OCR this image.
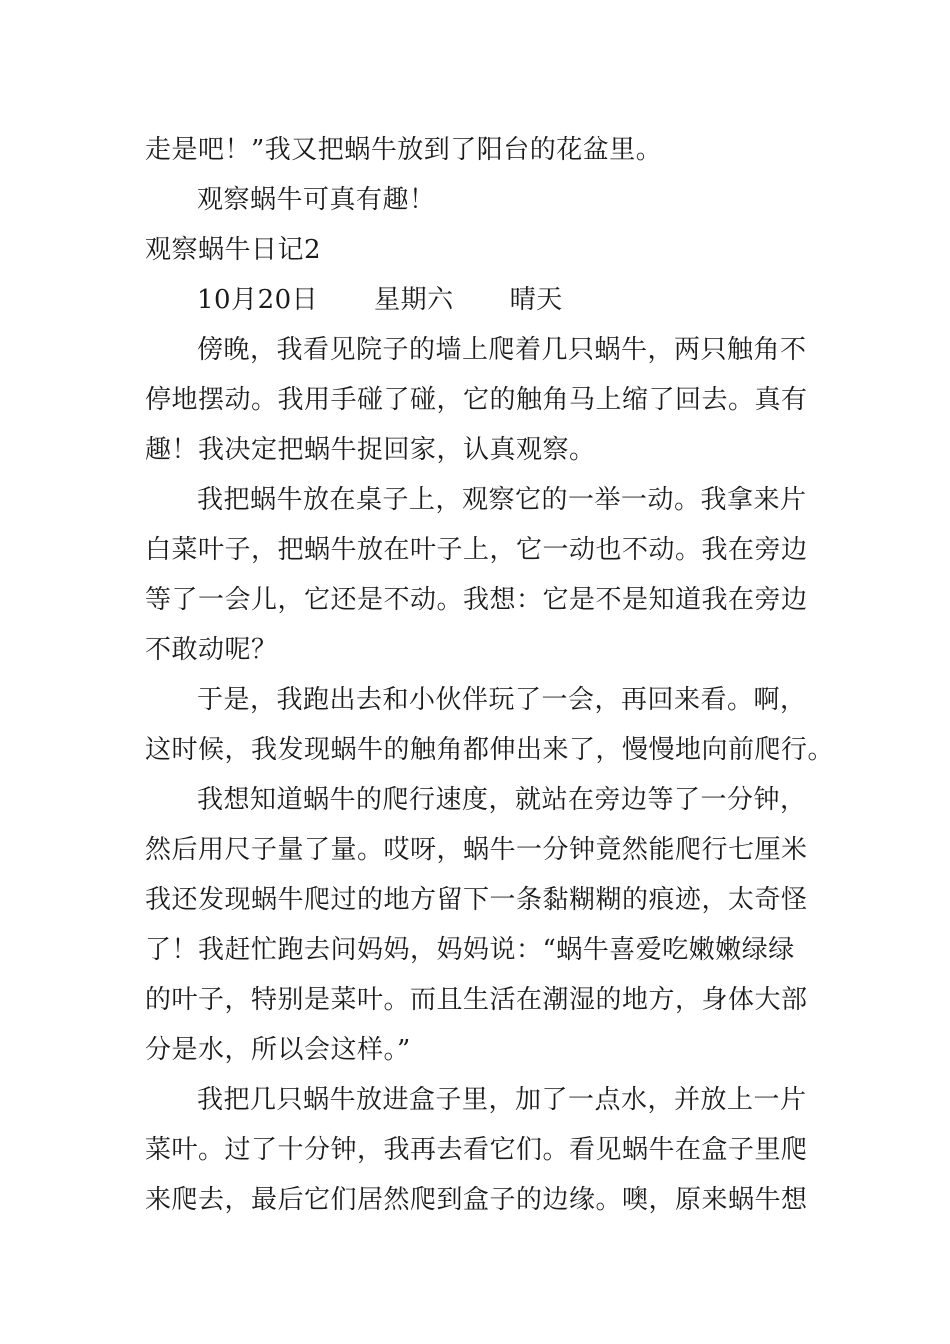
走是吧！”我又把蜗牛放到了阳台的花盆里。
观察蜗牛可真有趣！
观察蜗牛日记2
10月20日 星期六 晴天
傍晚，我看见院子的墙上爬着几只蜗牛，两只触角不
停地摆动。我用手碰了碰，它的触角马上缩了回去。真有
趣！我决定把蜗牛捉回家，认真观察。
我把蜗牛放在桌子上，观察它的一举一动。我拿来片
白菜叶子，把蜗牛放在叶子上，它一动也不动。我在旁边
等了一会儿，它还是不动。我想：它是不是知道我在旁边
不敢动呢？
于是，我跑出去和小伙伴玩了一会，再回来看。啊，
这时候，我发现蜗牛的触角都伸出来了，慢慢地向前爬行。
我想知道蜗牛的爬行速度，就站在旁边等了一分钟，
然后用尺子量了量。哎呀，蜗牛一分钟竟然能爬行七厘米
我还发现蜗牛爬过的地方留下一条黏糊糊的痕迹，太奇怪
了！我赶忙跑去问妈妈，妈妈说：“蜗牛喜爱吃嫩嫩绿绿
的叶子，特别是菜叶。而且生活在潮湿的地方，身体大部
分是水，所以会这样。”
我把几只蜗牛放进盒子里，加了一点水，并放上一片
菜叶。过了十分钟，我再去看它们。看见蜗牛在盒子里爬
来爬去，最后它们居然爬到盒子的边缘。噢，原来蜗牛想
